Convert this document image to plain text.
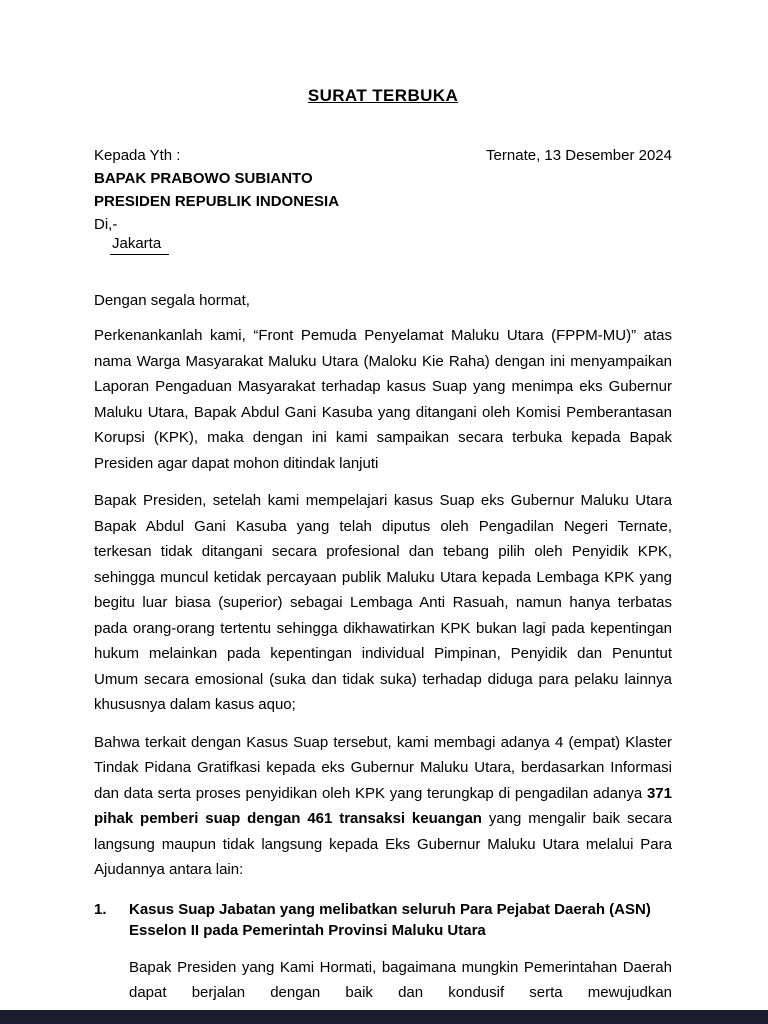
SURAT TERBUKA
Kepada Yth :	Ternate, 13 Desember 2024
BAPAK PRABOWO SUBIANTO
PRESIDEN REPUBLIK INDONESIA
Di,-
Jakarta
Dengan segala hormat,

Perkenankanlah kami, “Front Pemuda Penyelamat Maluku Utara (FPPM-MU)” atas nama Warga Masyarakat Maluku Utara (Maloku Kie Raha) dengan ini menyampaikan Laporan Pengaduan Masyarakat terhadap kasus Suap yang menimpa eks Gubernur Maluku Utara, Bapak Abdul Gani Kasuba yang ditangani oleh Komisi Pemberantasan Korupsi (KPK), maka dengan ini kami sampaikan secara terbuka kepada Bapak Presiden agar dapat mohon ditindak lanjuti

Bapak Presiden, setelah kami mempelajari kasus Suap eks Gubernur Maluku Utara Bapak Abdul Gani Kasuba yang telah diputus oleh Pengadilan Negeri Ternate, terkesan tidak ditangani secara profesional dan tebang pilih oleh Penyidik KPK, sehingga muncul ketidak percayaan publik Maluku Utara kepada Lembaga KPK yang begitu luar biasa (superior) sebagai Lembaga Anti Rasuah, namun hanya terbatas pada orang-orang tertentu sehingga dikhawatirkan KPK bukan lagi pada kepentingan hukum melainkan pada kepentingan individual Pimpinan, Penyidik dan Penuntut Umum secara emosional (suka dan tidak suka) terhadap diduga para pelaku lainnya khususnya dalam kasus aquo;

Bahwa terkait dengan Kasus Suap tersebut, kami membagi adanya 4 (empat) Klaster Tindak Pidana Gratifkasi kepada eks Gubernur Maluku Utara, berdasarkan Informasi dan data serta proses penyidikan oleh KPK yang terungkap di pengadilan adanya 371 pihak pemberi suap dengan 461 transaksi keuangan yang mengalir baik secara langsung maupun tidak langsung kepada Eks Gubernur Maluku Utara melalui Para Ajudannya antara lain:

1.	Kasus Suap Jabatan yang melibatkan seluruh Para Pejabat Daerah (ASN) Esselon II pada Pemerintah Provinsi Maluku Utara

Bapak Presiden yang Kami Hormati, bagaimana mungkin Pemerintahan Daerah dapat berjalan dengan baik dan kondusif serta mewujudkan
